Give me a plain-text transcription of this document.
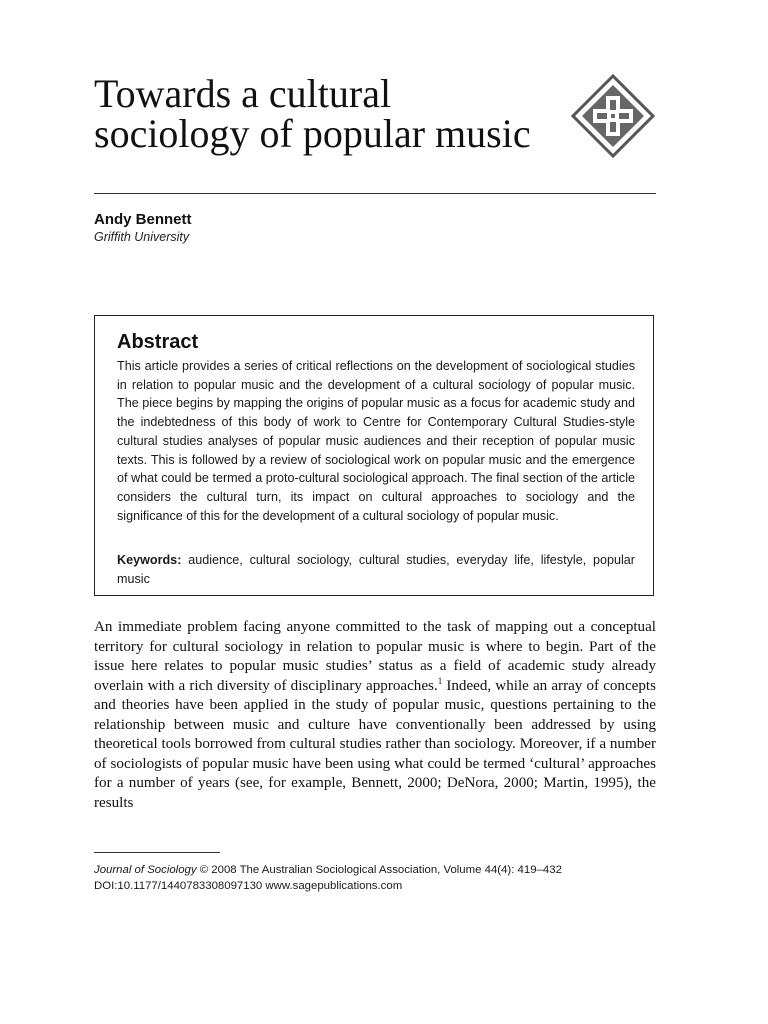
Towards a cultural sociology of popular music
Andy Bennett
Griffith University
Abstract
This article provides a series of critical reflections on the development of sociological studies in relation to popular music and the development of a cultural sociology of popular music. The piece begins by mapping the origins of popular music as a focus for academic study and the indebtedness of this body of work to Centre for Contemporary Cultural Studies-style cultural studies analyses of popular music audiences and their reception of popular music texts. This is followed by a review of sociological work on popular music and the emergence of what could be termed a proto-cultural sociological approach. The final section of the article considers the cultural turn, its impact on cultural approaches to sociology and the significance of this for the development of a cultural sociology of popular music.
Keywords: audience, cultural sociology, cultural studies, everyday life, lifestyle, popular music

An immediate problem facing anyone committed to the task of mapping out a conceptual territory for cultural sociology in relation to popular music is where to begin. Part of the issue here relates to popular music studies’ status as a field of academic study already overlain with a rich diversity of disciplinary approaches.$^1$ Indeed, while an array of concepts and theories have been applied in the study of popular music, questions pertaining to the relationship between music and culture have conventionally been addressed by using theoretical tools borrowed from cultural studies rather than sociology. Moreover, if a number of sociologists of popular music have been using what could be termed ‘cultural’ approaches for a number of years (see, for example, Bennett, 2000; DeNora, 2000; Martin, 1995), the results

Journal of Sociology © 2008 The Australian Sociological Association, Volume 44(4): 419–432
DOI:10.1177/1440783308097130 www.sagepublications.com
